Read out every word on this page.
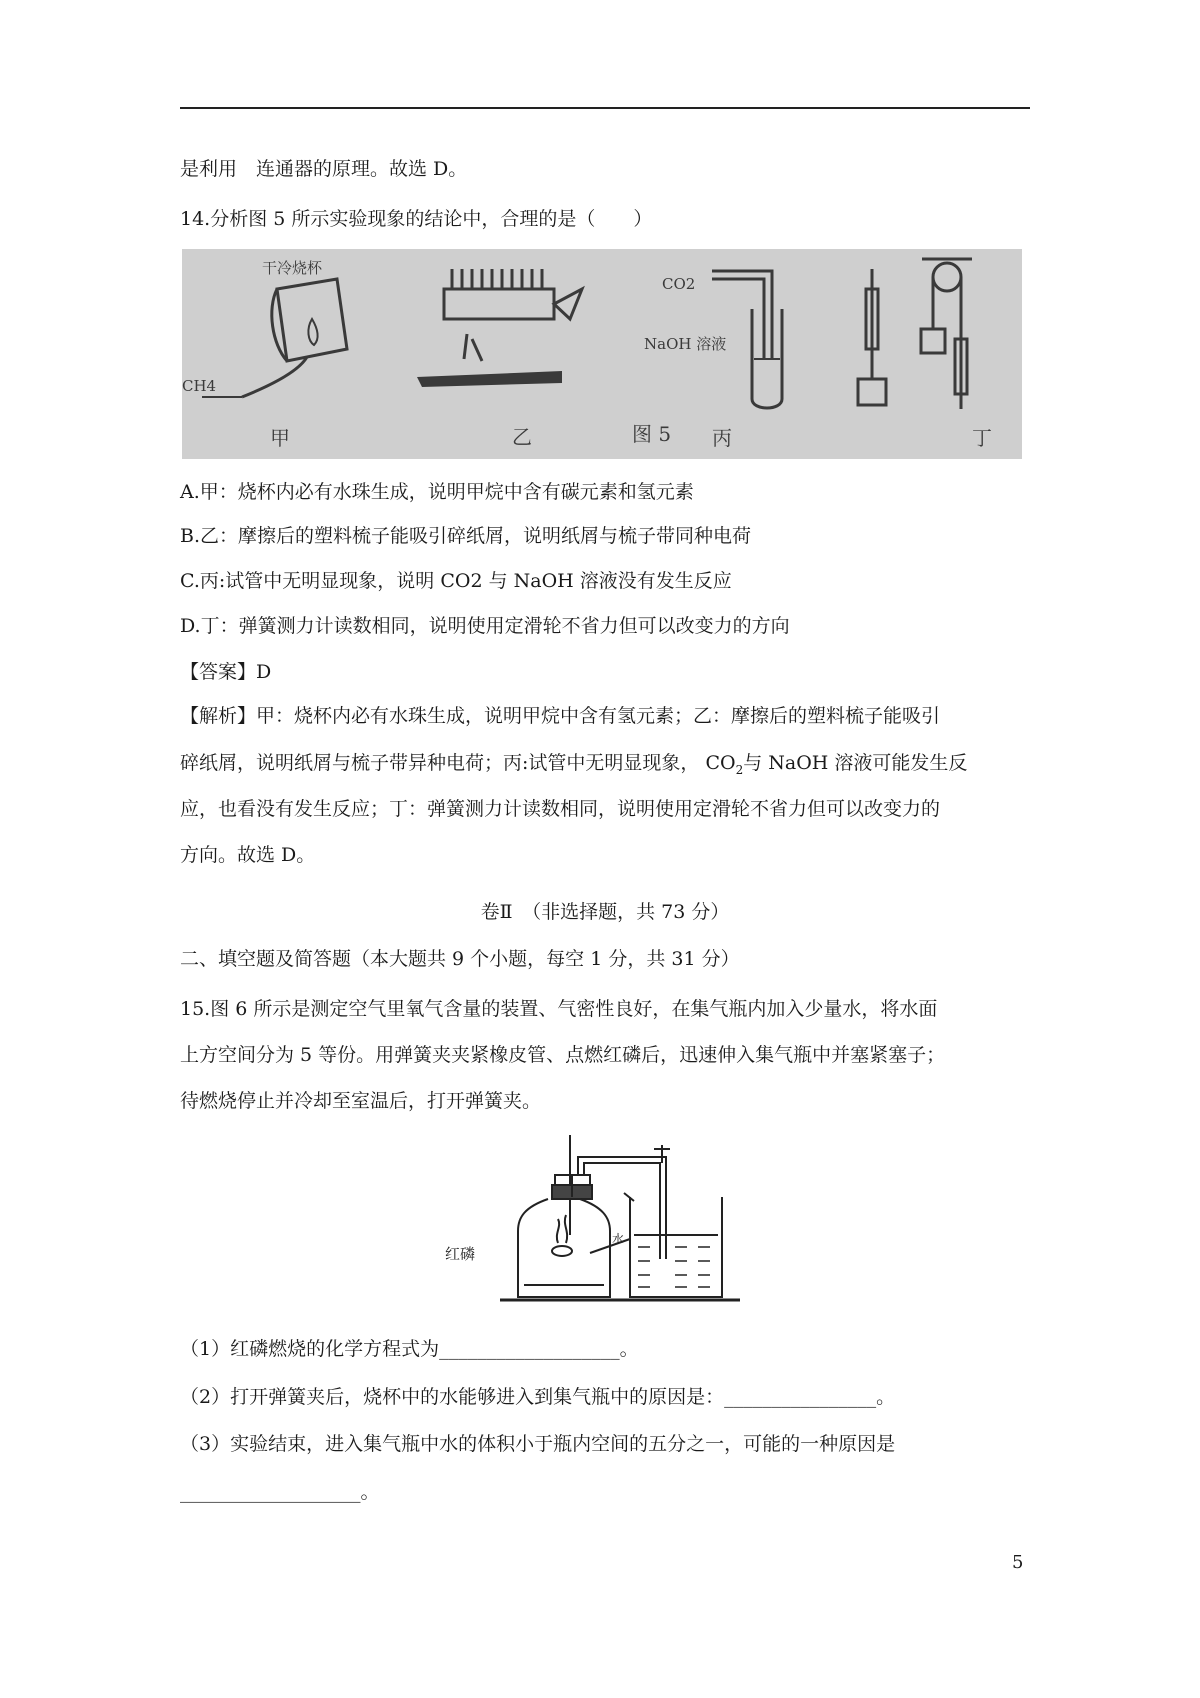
是利用　连通器的原理。故选 D。
14.分析图 5 所示实验现象的结论中，合理的是（　　）
干冷烧杯
CH4
甲	乙	图 5
CO2
NaOH 溶液
丙	丁
A.甲：烧杯内必有水珠生成，说明甲烷中含有碳元素和氢元素
B.乙：摩擦后的塑料梳子能吸引碎纸屑，说明纸屑与梳子带同种电荷
C.丙:试管中无明显现象，说明 CO2 与 NaOH 溶液没有发生反应
D.丁：弹簧测力计读数相同，说明使用定滑轮不省力但可以改变力的方向
【答案】D
【解析】甲：烧杯内必有水珠生成，说明甲烷中含有氢元素；乙：摩擦后的塑料梳子能吸引
碎纸屑，说明纸屑与梳子带异种电荷；丙:试管中无明显现象， $CO_2$与 NaOH 溶液可能发生反
应，也看没有发生反应；丁：弹簧测力计读数相同，说明使用定滑轮不省力但可以改变力的
方向。故选 D。
卷Ⅱ　（非选择题，共 73 分）
二、填空题及简答题（本大题共 9 个小题，每空 1 分，共 31 分）
15.图 6 所示是测定空气里氧气含量的装置、气密性良好，在集气瓶内加入少量水，将水面
上方空间分为 5 等份。用弹簧夹夹紧橡皮管、点燃红磷后，迅速伸入集气瓶中并塞紧塞子；
待燃烧停止并冷却至室温后，打开弹簧夹。
红磷
水
（1）红磷燃烧的化学方程式为___________________。
（2）打开弹簧夹后，烧杯中的水能够进入到集气瓶中的原因是：________________。
（3）实验结束，进入集气瓶中水的体积小于瓶内空间的五分之一，可能的一种原因是
___________________。
5
